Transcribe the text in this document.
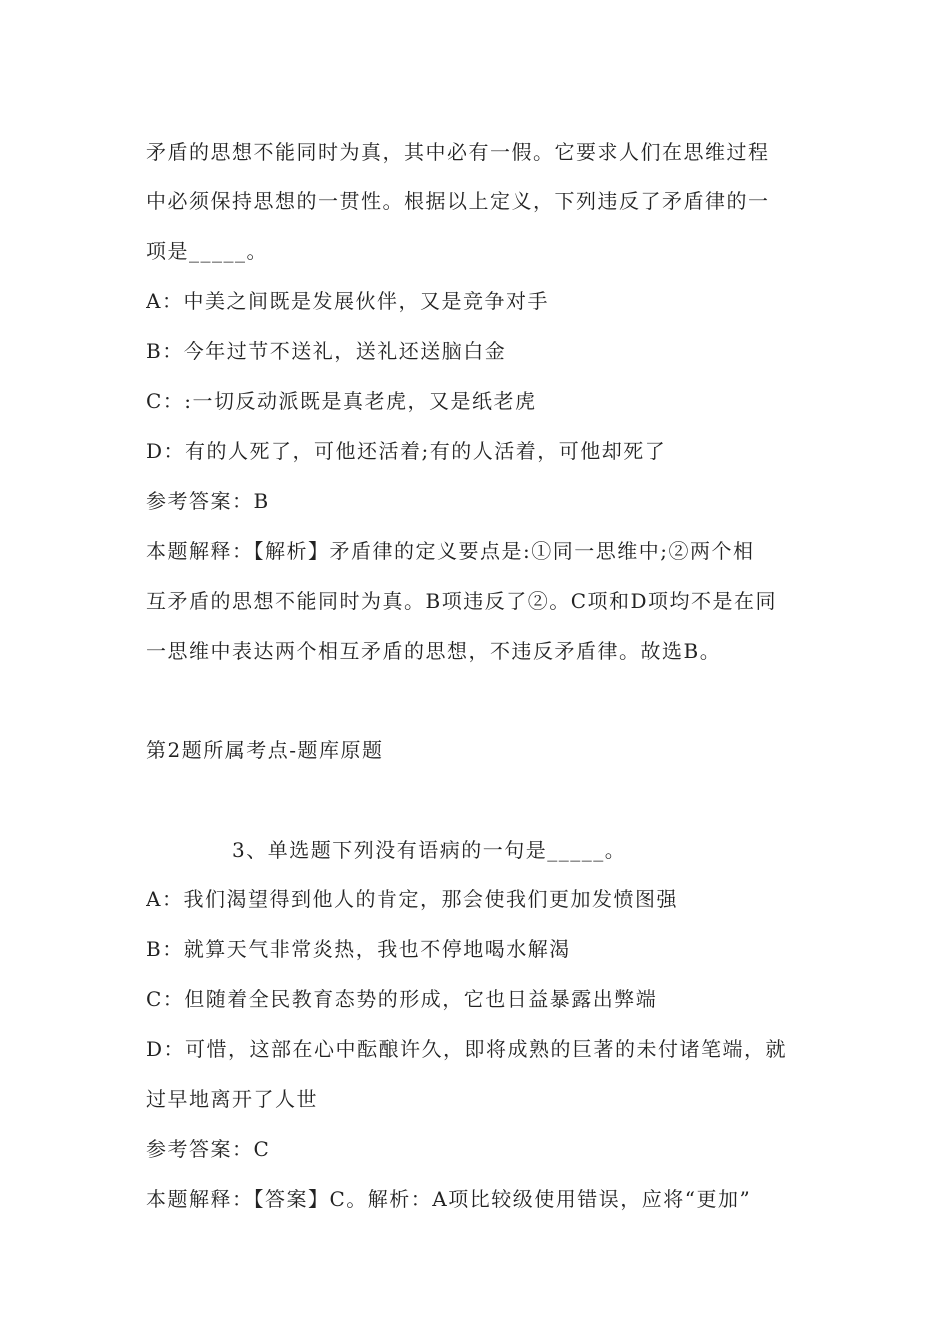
矛盾的思想不能同时为真，其中必有一假。它要求人们在思维过程
中必须保持思想的一贯性。根据以上定义，下列违反了矛盾律的一
项是_____。
A：中美之间既是发展伙伴，又是竞争对手
B：今年过节不送礼，送礼还送脑白金
C：:一切反动派既是真老虎，又是纸老虎
D：有的人死了，可他还活着;有的人活着，可他却死了
参考答案：B
本题解释：【解析】矛盾律的定义要点是:①同一思维中;②两个相
互矛盾的思想不能同时为真。B项违反了②。C项和D项均不是在同
一思维中表达两个相互矛盾的思想，不违反矛盾律。故选B。
第2题所属考点-题库原题
3、单选题下列没有语病的一句是_____。
A：我们渴望得到他人的肯定，那会使我们更加发愤图强
B：就算天气非常炎热，我也不停地喝水解渴
C：但随着全民教育态势的形成，它也日益暴露出弊端
D：可惜，这部在心中酝酿许久，即将成熟的巨著的未付诸笔端，就
过早地离开了人世
参考答案：C
本题解释：【答案】C。解析：A项比较级使用错误，应将“更加”
